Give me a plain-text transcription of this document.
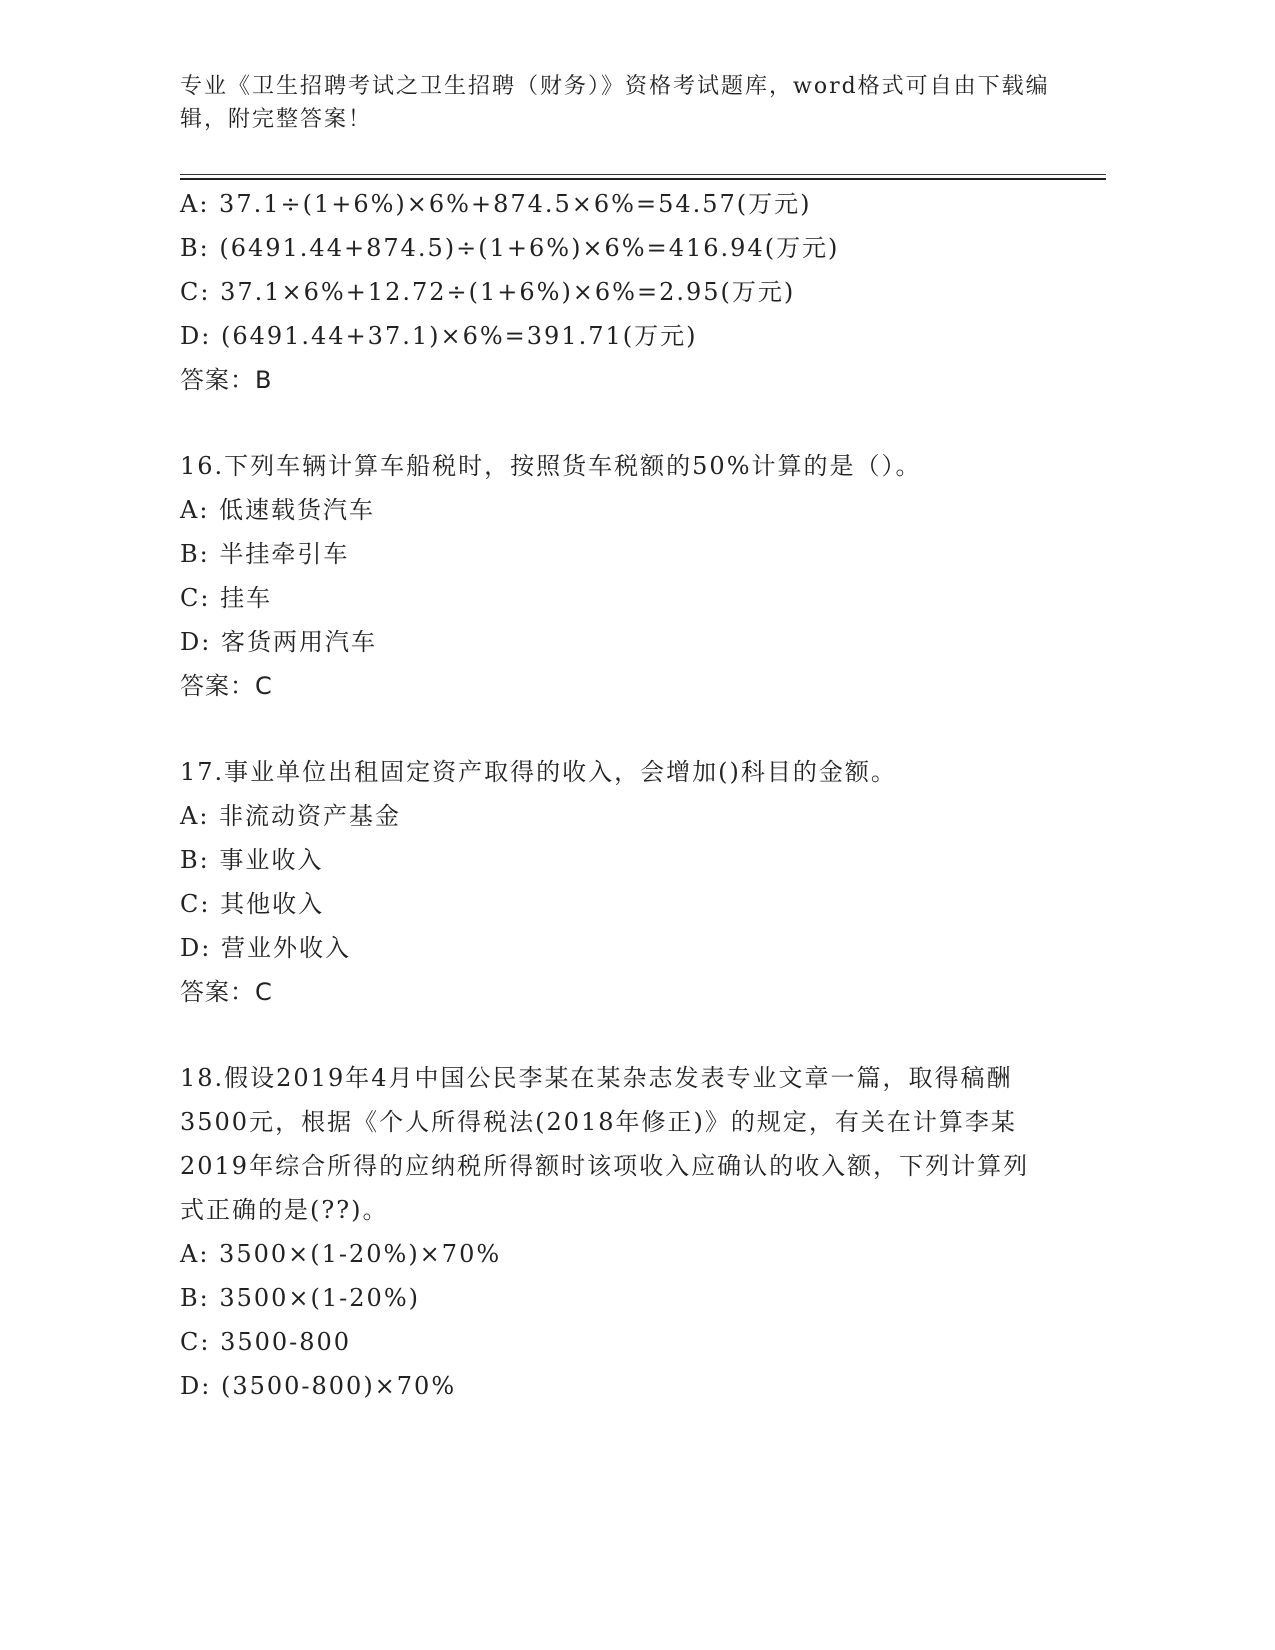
专业《卫生招聘考试之卫生招聘（财务）》资格考试题库，word格式可自由下载编辑，附完整答案！
A: 37.1÷(1+6%)×6%+874.5×6%=54.57(万元)
B: (6491.44+874.5)÷(1+6%)×6%=416.94(万元)
C: 37.1×6%+12.72÷(1+6%)×6%=2.95(万元)
D: (6491.44+37.1)×6%=391.71(万元)
答案：B
16.下列车辆计算车船税时，按照货车税额的50%计算的是（）。
A: 低速载货汽车
B: 半挂牵引车
C: 挂车
D: 客货两用汽车
答案：C
17.事业单位出租固定资产取得的收入，会增加()科目的金额。
A: 非流动资产基金
B: 事业收入
C: 其他收入
D: 营业外收入
答案：C
18.假设2019年4月中国公民李某在某杂志发表专业文章一篇，取得稿酬3500元，根据《个人所得税法(2018年修正)》的规定，有关在计算李某2019年综合所得的应纳税所得额时该项收入应确认的收入额，下列计算列式正确的是(??)。
A: 3500×(1-20%)×70%
B: 3500×(1-20%)
C: 3500-800
D: (3500-800)×70%
